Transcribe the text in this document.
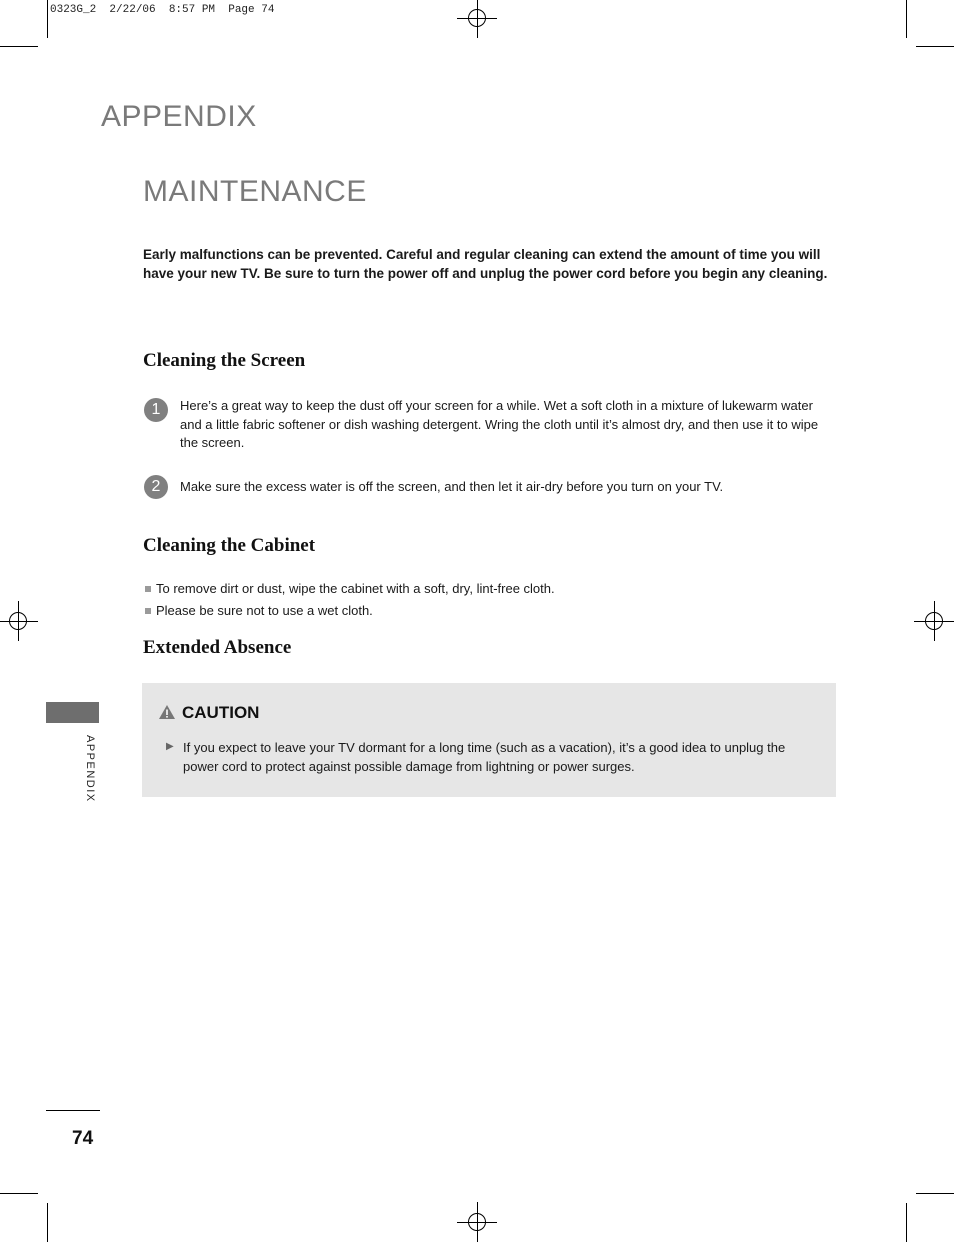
0323G_2  2/22/06  8:57 PM  Page 74
APPENDIX
MAINTENANCE
Early malfunctions can be prevented. Careful and regular cleaning can extend the amount of time you will have your new TV. Be sure to turn the power off and unplug the power cord before you begin any cleaning.
Cleaning the Screen
1	Here’s a great way to keep the dust off your screen for a while. Wet a soft cloth in a mixture of lukewarm water and a little fabric softener or dish washing detergent. Wring the cloth until it’s almost dry, and then use it to wipe the screen.
2	Make sure the excess water is off the screen, and then let it air-dry before you turn on your TV.
Cleaning the Cabinet
To remove dirt or dust, wipe the cabinet with a soft, dry, lint-free cloth.
Please be sure not to use a wet cloth.
Extended Absence
CAUTION
▶ If you expect to leave your TV dormant for a long time (such as a vacation), it’s a good idea to unplug the power cord to protect against possible damage from lightning or power surges.
APPENDIX
74
